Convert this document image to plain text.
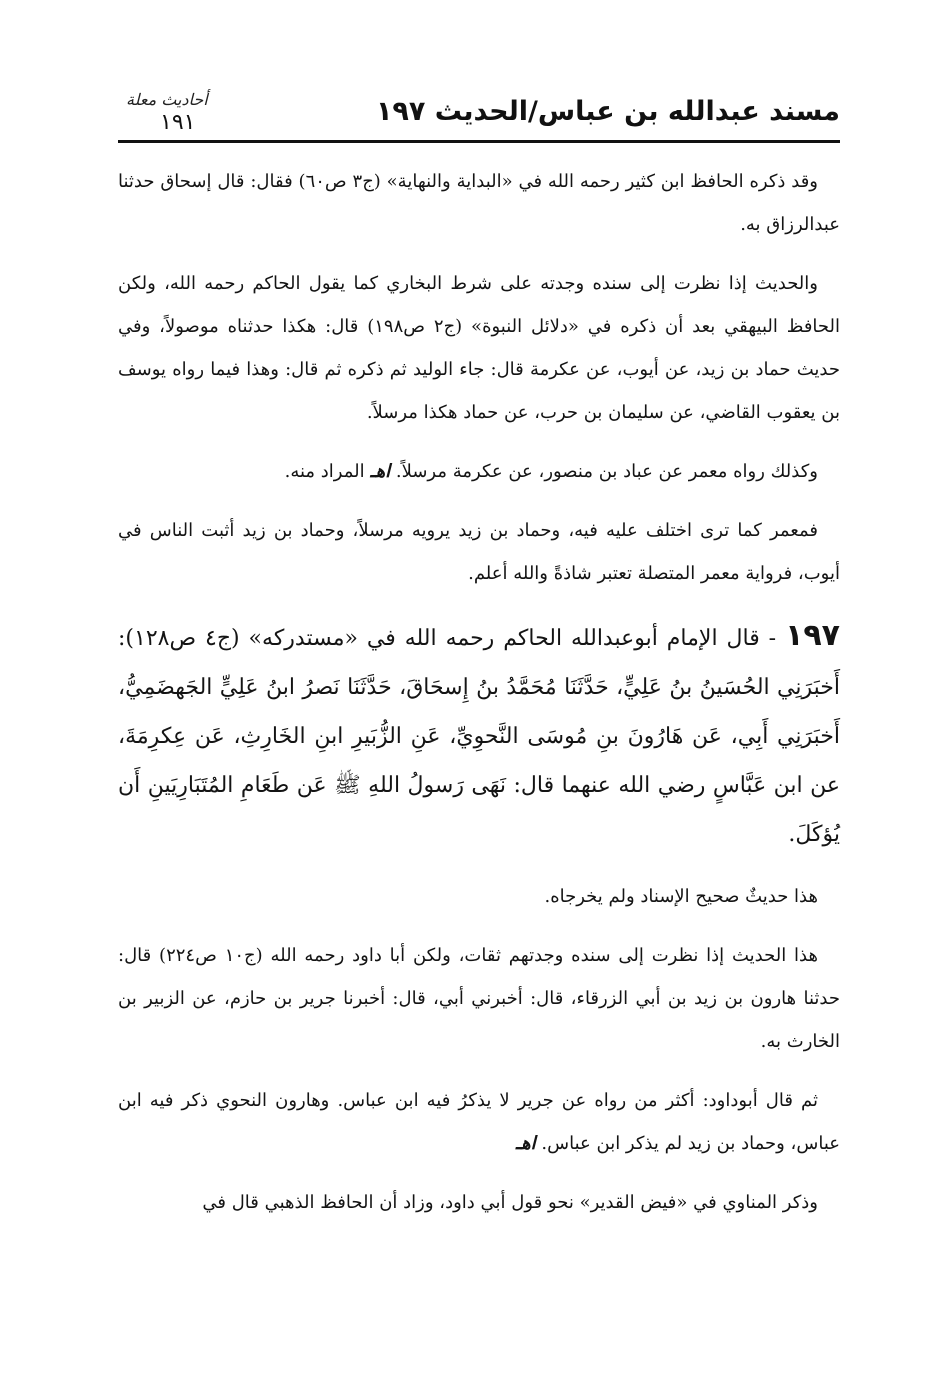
أحاديث معلة
١٩١	مسند عبدالله بن عباس/الحديث ١٩٧

وقد ذكره الحافظ ابن كثير رحمه الله في «البداية والنهاية» (ج٣ ص٦٠) فقال: قال إسحاق حدثنا عبدالرزاق به.

والحديث إذا نظرت إلى سنده وجدته على شرط البخاري كما يقول الحاكم رحمه الله، ولكن الحافظ البيهقي بعد أن ذكره في «دلائل النبوة» (ج٢ ص١٩٨) قال: هكذا حدثناه موصولاً، وفي حديث حماد بن زيد، عن أيوب، عن عكرمة قال: جاء الوليد ثم ذكره ثم قال: وهذا فيما رواه يوسف بن يعقوب القاضي، عن سليمان بن حرب، عن حماد هكذا مرسلاً.

وكذلك رواه معمر عن عباد بن منصور، عن عكرمة مرسلاً. اهـ المراد منه.

فمعمر كما ترى اختلف عليه فيه، وحماد بن زيد يرويه مرسلاً، وحماد بن زيد أثبت الناس في أيوب، فرواية معمر المتصلة تعتبر شاذةً والله أعلم.

١٩٧ - قال الإمام أبوعبدالله الحاكم رحمه الله في «مستدركه» (ج٤ ص١٢٨): أَخبَرَنِي الحُسَينُ بنُ عَلِيٍّ، حَدَّثَنَا مُحَمَّدُ بنُ إِسحَاقَ، حَدَّثَنَا نَصرُ ابنُ عَلِيٍّ الجَهضَمِيُّ، أَخبَرَنِي أَبِي، عَن هَارُونَ بنِ مُوسَى النَّحوِيِّ، عَنِ الزُّبَيرِ ابنِ الخَارِثِ، عَن عِكرِمَةَ، عن ابن عَبَّاسٍ رضي الله عنهما قال: نَهَى رَسولُ اللهِ ﷺ عَن طَعَامِ المُتَبَارِيَينِ أَن يُؤكَلَ.

هذا حديثٌ صحيح الإسناد ولم يخرجاه.

هذا الحديث إذا نظرت إلى سنده وجدتهم ثقات، ولكن أبا داود رحمه الله (ج١٠ ص٢٢٤) قال: حدثنا هارون بن زيد بن أبي الزرقاء، قال: أخبرني أبي، قال: أخبرنا جرير بن حازم، عن الزبير بن الخارث به.

ثم قال أبوداود: أكثر من رواه عن جرير لا يذكرُ فيه ابن عباس. وهارون النحوي ذكر فيه ابن عباس، وحماد بن زيد لم يذكر ابن عباس. اهـ

وذكر المناوي في «فيض القدير» نحو قول أبي داود، وزاد أن الحافظ الذهبي قال في
